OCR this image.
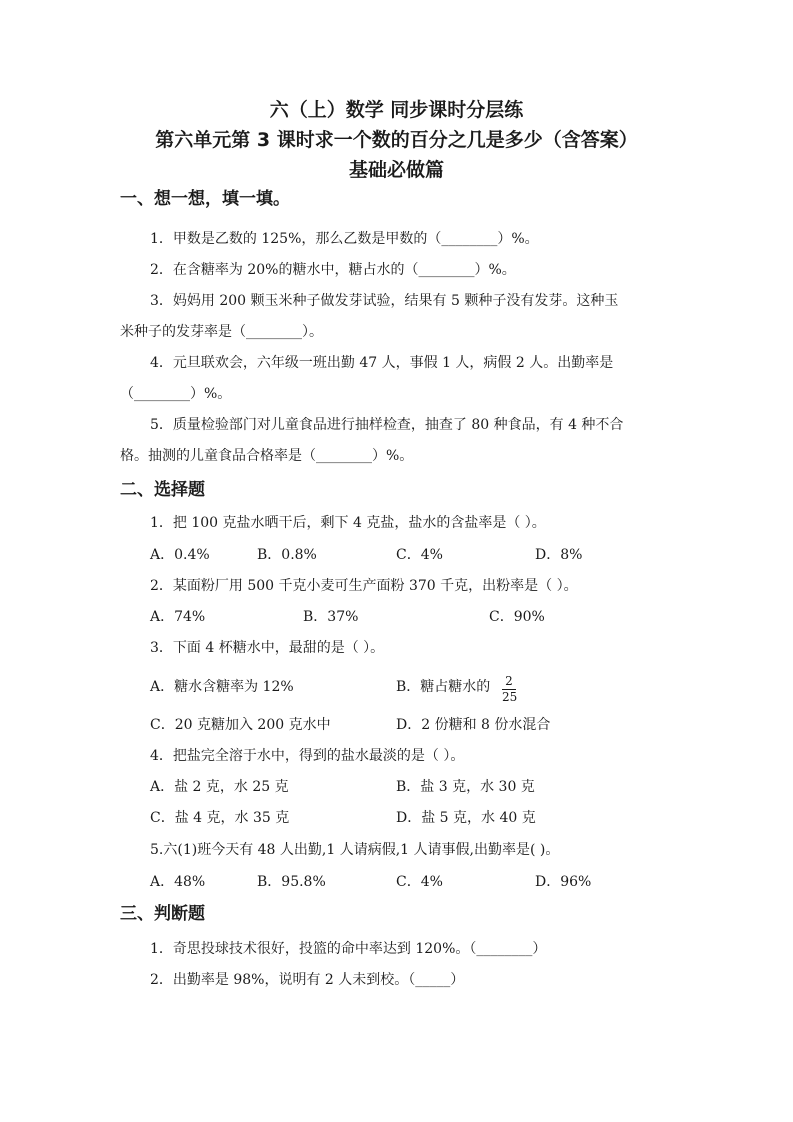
六（上）数学 同步课时分层练
第六单元第 3 课时求一个数的百分之几是多少（含答案）
基础必做篇
一、想一想，填一填。
1．甲数是乙数的 125%，那么乙数是甲数的（________）%。
2．在含糖率为 20%的糖水中，糖占水的（________）%。
3．妈妈用 200 颗玉米种子做发芽试验，结果有 5 颗种子没有发芽。这种玉
米种子的发芽率是（________）。
4．元旦联欢会，六年级一班出勤 47 人，事假 1 人，病假 2 人。出勤率是
（________）%。
5．质量检验部门对儿童食品进行抽样检查，抽查了 80 种食品，有 4 种不合
格。抽测的儿童食品合格率是（________）%。
二、选择题
1．把 100 克盐水晒干后，剩下 4 克盐，盐水的含盐率是（ ）。
A．0.4%	B．0.8%	C．4%	D．8%
2．某面粉厂用 500 千克小麦可生产面粉 370 千克，出粉率是（ ）。
A．74%	B．37%	C．90%
3．下面 4 杯糖水中，最甜的是（ ）。
A．糖水含糖率为 12%	B．糖占糖水的 2
25
C．20 克糖加入 200 克水中	D．2 份糖和 8 份水混合
4．把盐完全溶于水中，得到的盐水最淡的是（ ）。
A．盐 2 克，水 25 克	B．盐 3 克，水 30 克
C．盐 4 克，水 35 克	D．盐 5 克，水 40 克
5.六(1)班今天有 48 人出勤,1 人请病假,1 人请事假,出勤率是( )。
A．48%	B．95.8%	C．4%	D．96%
三、判断题
1．奇思投球技术很好，投篮的命中率达到 120%。（________）
2．出勤率是 98%，说明有 2 人未到校。（_____）
